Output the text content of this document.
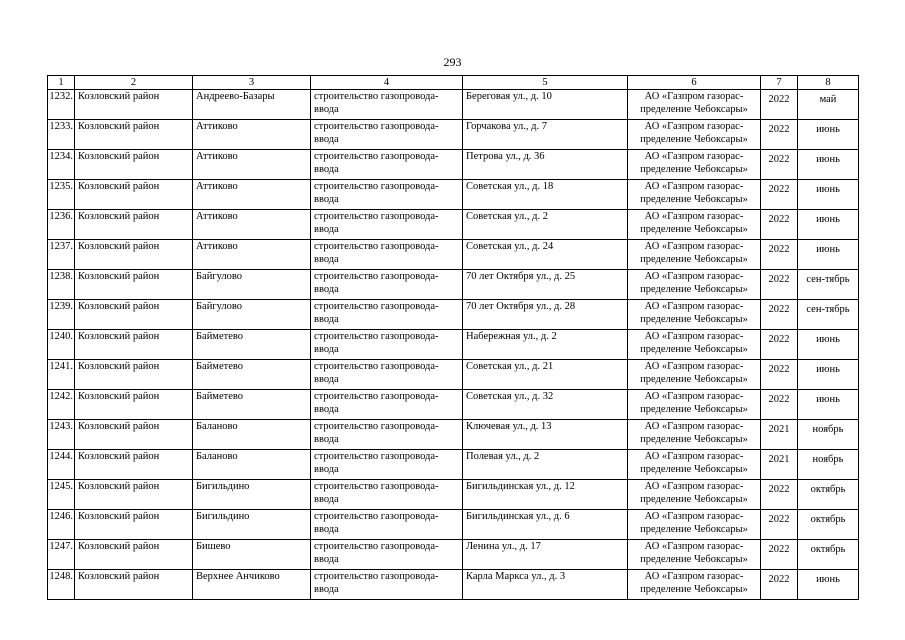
293
1	2	3	4	5	6	7	8
1232.	Козловский район	Андреево-Базары	строительство газопровода-ввода	Береговая ул., д. 10	АО «Газпром газорас-пределение Чебоксары»	2022	май
1233.	Козловский район	Аттиково	строительство газопровода-ввода	Горчакова ул., д. 7	АО «Газпром газорас-пределение Чебоксары»	2022	июнь
1234.	Козловский район	Аттиково	строительство газопровода-ввода	Петрова ул., д. 36	АО «Газпром газорас-пределение Чебоксары»	2022	июнь
1235.	Козловский район	Аттиково	строительство газопровода-ввода	Советская ул., д. 18	АО «Газпром газорас-пределение Чебоксары»	2022	июнь
1236.	Козловский район	Аттиково	строительство газопровода-ввода	Советская ул., д. 2	АО «Газпром газорас-пределение Чебоксары»	2022	июнь
1237.	Козловский район	Аттиково	строительство газопровода-ввода	Советская ул., д. 24	АО «Газпром газорас-пределение Чебоксары»	2022	июнь
1238.	Козловский район	Байгулово	строительство газопровода-ввода	70 лет Октября ул., д. 25	АО «Газпром газорас-пределение Чебоксары»	2022	сен-тябрь
1239.	Козловский район	Байгулово	строительство газопровода-ввода	70 лет Октября ул., д. 28	АО «Газпром газорас-пределение Чебоксары»	2022	сен-тябрь
1240.	Козловский район	Байметево	строительство газопровода-ввода	Набережная ул., д. 2	АО «Газпром газорас-пределение Чебоксары»	2022	июнь
1241.	Козловский район	Байметево	строительство газопровода-ввода	Советская ул., д. 21	АО «Газпром газорас-пределение Чебоксары»	2022	июнь
1242.	Козловский район	Байметево	строительство газопровода-ввода	Советская ул., д. 32	АО «Газпром газорас-пределение Чебоксары»	2022	июнь
1243.	Козловский район	Баланово	строительство газопровода-ввода	Ключевая ул., д. 13	АО «Газпром газорас-пределение Чебоксары»	2021	ноябрь
1244.	Козловский район	Баланово	строительство газопровода-ввода	Полевая ул., д. 2	АО «Газпром газорас-пределение Чебоксары»	2021	ноябрь
1245.	Козловский район	Бигильдино	строительство газопровода-ввода	Бигильдинская ул., д. 12	АО «Газпром газорас-пределение Чебоксары»	2022	октябрь
1246.	Козловский район	Бигильдино	строительство газопровода-ввода	Бигильдинская ул., д. 6	АО «Газпром газорас-пределение Чебоксары»	2022	октябрь
1247.	Козловский район	Бишево	строительство газопровода-ввода	Ленина ул., д. 17	АО «Газпром газорас-пределение Чебоксары»	2022	октябрь
1248.	Козловский район	Верхнее Анчиково	строительство газопровода-ввода	Карла Маркса ул., д. 3	АО «Газпром газорас-пределение Чебоксары»	2022	июнь
